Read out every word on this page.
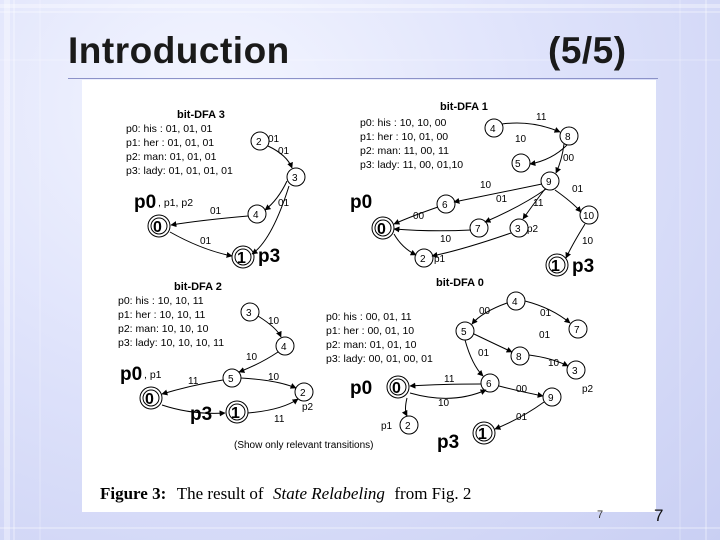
Introduction	(5/5)
bit-DFA 3
p0: his : 01, 01, 01
p1: her : 01, 01, 01
p2: man: 01, 01, 01
p3: lady: 01, 01, 01, 01
2
3
4
0
1
p0 , p1, p2
p3
01
01
01
01
01
bit-DFA 1
p0: his : 10, 10, 00
p1: her : 10, 01, 00
p2: man: 11, 00, 11
p3: lady: 11, 00, 01,10
4
8
5
9
6
10
7	3
0
2	1
p2
p1
p0
p3
11
10
00
10	01
01	11
00
10	10
bit-DFA 2
p0: his : 10, 10, 11
p1: her : 10, 10, 11
p2: man: 10, 10, 10
p3: lady: 10, 10, 10, 11
3
4
5
2
0
1	p2
p0 , p1
p3
10
10
11	10
11
(Show only relevant transitions)
bit-DFA 0
p0: his : 00, 01, 11
p1: her : 00, 01, 10
p2: man: 01, 01, 10
p3: lady: 00, 01, 00, 01
4
5	7
8
3
6
9
0
2	1
p1
p2
p0
p3
00	01
01
01
10
11
00
10
01
Figure 3: The result of State Relabeling from Fig. 2
7	7
